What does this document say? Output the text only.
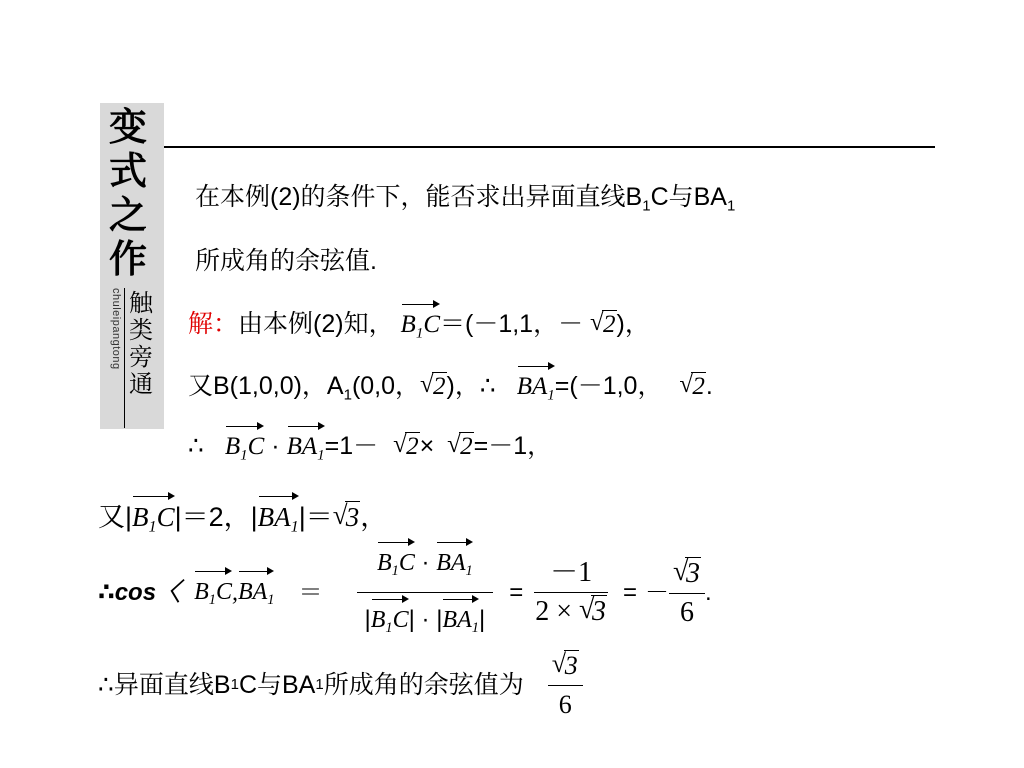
变
式
之
作
chuleipangtong 触
类
旁
通
在本例(2)的条件下，能否求出异面直线$B_1C$与$BA_1$
所成角的余弦值.
解：由本例(2)知， $B_1C=(-1,1$，－ √ 2)，
又B(1,0,0)，$A_1(0,0$，√ 2)，∴ $BA_1=(-1,0$， √ 2.
∴ $B_1C \cdot BA_1=1-$ √ 2× √ 2=－1，
又$|B_1C|=2$，$|BA_1|=√$ 3，
∴cos〈 $B_1C$ , $BA_1 = \frac{B_1C \cdot BA_1}{|B_1C| \cdot |BA_1|} = \frac{-1}{2 \times √ 3}$ = －
√ $\frac{3}{6}$ .
∴异面直线B 1 C与BA 1 所成角的余弦值为
√ $\frac{3}{6}$
